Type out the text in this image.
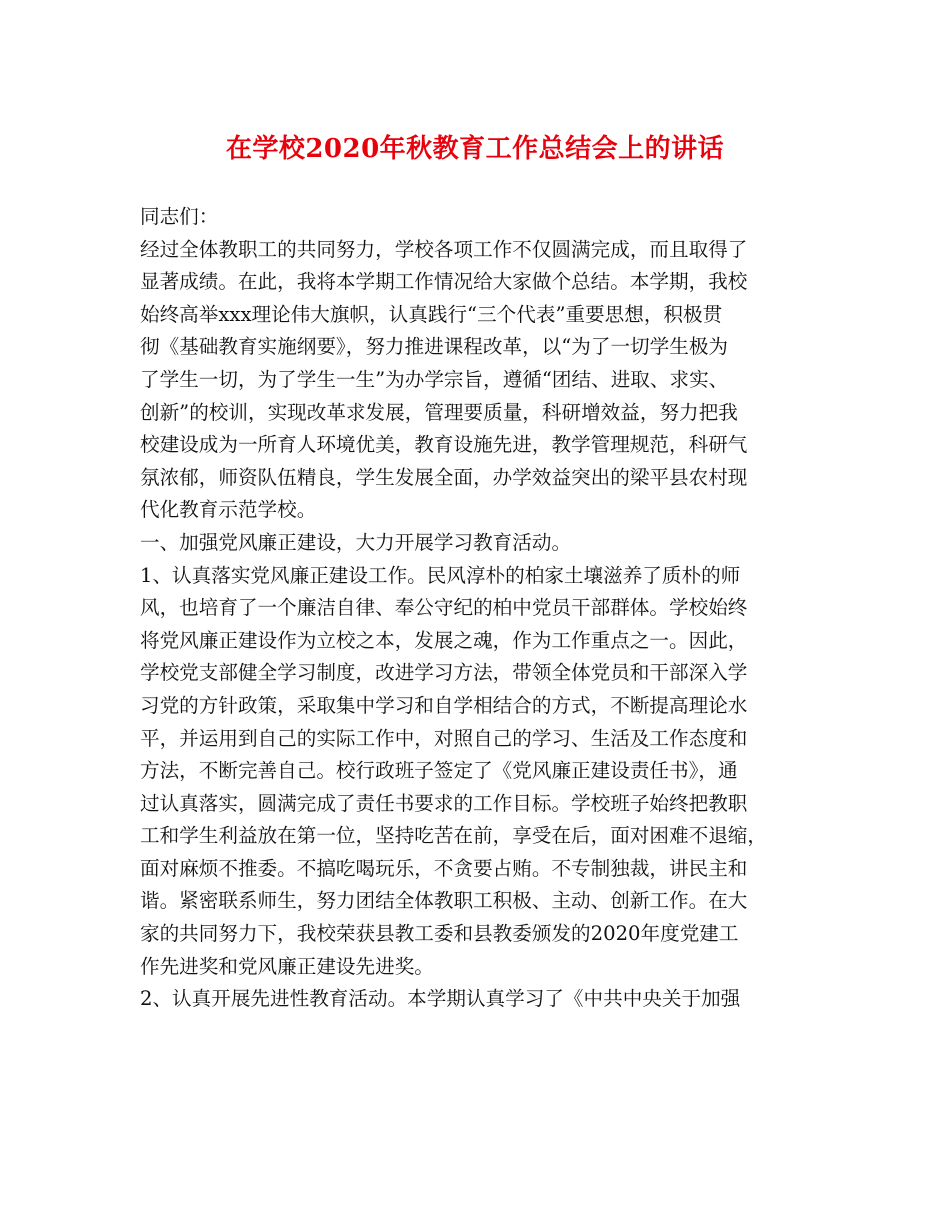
在学校2020年秋教育工作总结会上的讲话
同志们：
经过全体教职工的共同努力，学校各项工作不仅圆满完成，而且取得了
显著成绩。在此，我将本学期工作情况给大家做个总结。本学期，我校
始终高举xxx理论伟大旗帜，认真践行“三个代表”重要思想，积极贯
彻《基础教育实施纲要》，努力推进课程改革，以“为了一切学生极为
了学生一切，为了学生一生”为办学宗旨，遵循“团结、进取、求实、
创新”的校训，实现改革求发展，管理要质量，科研增效益，努力把我
校建设成为一所育人环境优美，教育设施先进，教学管理规范，科研气
氛浓郁，师资队伍精良，学生发展全面，办学效益突出的梁平县农村现
代化教育示范学校。
一、加强党风廉正建设，大力开展学习教育活动。
1、认真落实党风廉正建设工作。民风淳朴的柏家土壤滋养了质朴的师
风，也培育了一个廉洁自律、奉公守纪的柏中党员干部群体。学校始终
将党风廉正建设作为立校之本，发展之魂，作为工作重点之一。因此，
学校党支部健全学习制度，改进学习方法，带领全体党员和干部深入学
习党的方针政策，采取集中学习和自学相结合的方式，不断提高理论水
平，并运用到自己的实际工作中，对照自己的学习、生活及工作态度和
方法，不断完善自己。校行政班子签定了《党风廉正建设责任书》，通
过认真落实，圆满完成了责任书要求的工作目标。学校班子始终把教职
工和学生利益放在第一位，坚持吃苦在前，享受在后，面对困难不退缩，
面对麻烦不推委。不搞吃喝玩乐，不贪要占贿。不专制独裁，讲民主和
谐。紧密联系师生，努力团结全体教职工积极、主动、创新工作。在大
家的共同努力下，我校荣获县教工委和县教委颁发的2020年度党建工
作先进奖和党风廉正建设先进奖。
2、认真开展先进性教育活动。本学期认真学习了《中共中央关于加强
